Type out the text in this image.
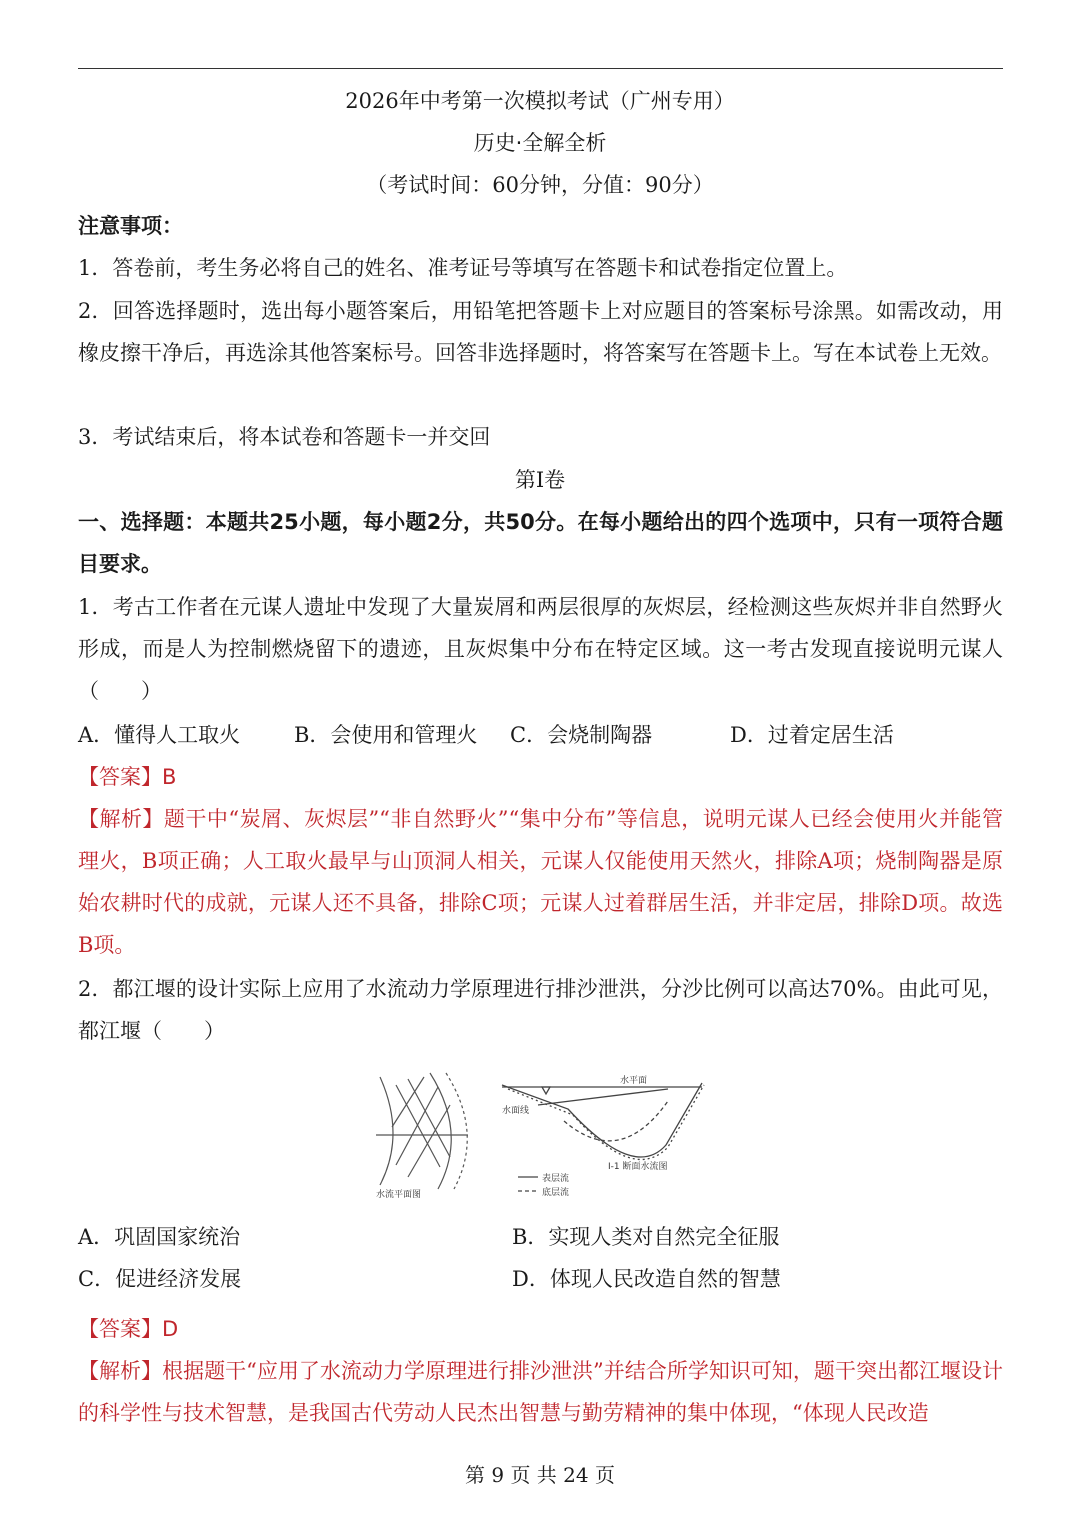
2026年中考第一次模拟考试（广州专用）
历史·全解全析
（考试时间：60分钟，分值：90分）
注意事项：
1．答卷前，考生务必将自己的姓名、准考证号等填写在答题卡和试卷指定位置上。
2．回答选择题时，选出每小题答案后，用铅笔把答题卡上对应题目的答案标号涂黑。如需改动，用橡皮擦干净后，再选涂其他答案标号。回答非选择题时，将答案写在答题卡上。写在本试卷上无效。
3．考试结束后，将本试卷和答题卡一并交回
第Ⅰ卷
一、选择题：本题共25小题，每小题2分，共50分。在每小题给出的四个选项中，只有一项符合题目要求。
1．考古工作者在元谋人遗址中发现了大量炭屑和两层很厚的灰烬层，经检测这些灰烬并非自然野火形成，而是人为控制燃烧留下的遗迹，且灰烬集中分布在特定区域。这一考古发现直接说明元谋人（　　）
A．懂得人工取火	B．会使用和管理火 C．会烧制陶器	D．过着定居生活
【答案】B
【解析】题干中“炭屑、灰烬层”“非自然野火”“集中分布”等信息，说明元谋人已经会使用火并能管理火，B项正确；人工取火最早与山顶洞人相关，元谋人仅能使用天然火，排除A项；烧制陶器是原始农耕时代的成就，元谋人还不具备，排除C项；元谋人过着群居生活，并非定居，排除D项。故选B项。
2．都江堰的设计实际上应用了水流动力学原理进行排沙泄洪，分沙比例可以高达70%。由此可见，都江堰（　　）
水流平面图
水平面
水面线
I-1 断面水流图
表层流
底层流
A．巩固国家统治	B．实现人类对自然完全征服
C．促进经济发展	D．体现人民改造自然的智慧
【答案】D
【解析】根据题干“应用了水流动力学原理进行排沙泄洪”并结合所学知识可知，题干突出都江堰设计的科学性与技术智慧，是我国古代劳动人民杰出智慧与勤劳精神的集中体现，“体现人民改造
第 9 页 共 24 页
